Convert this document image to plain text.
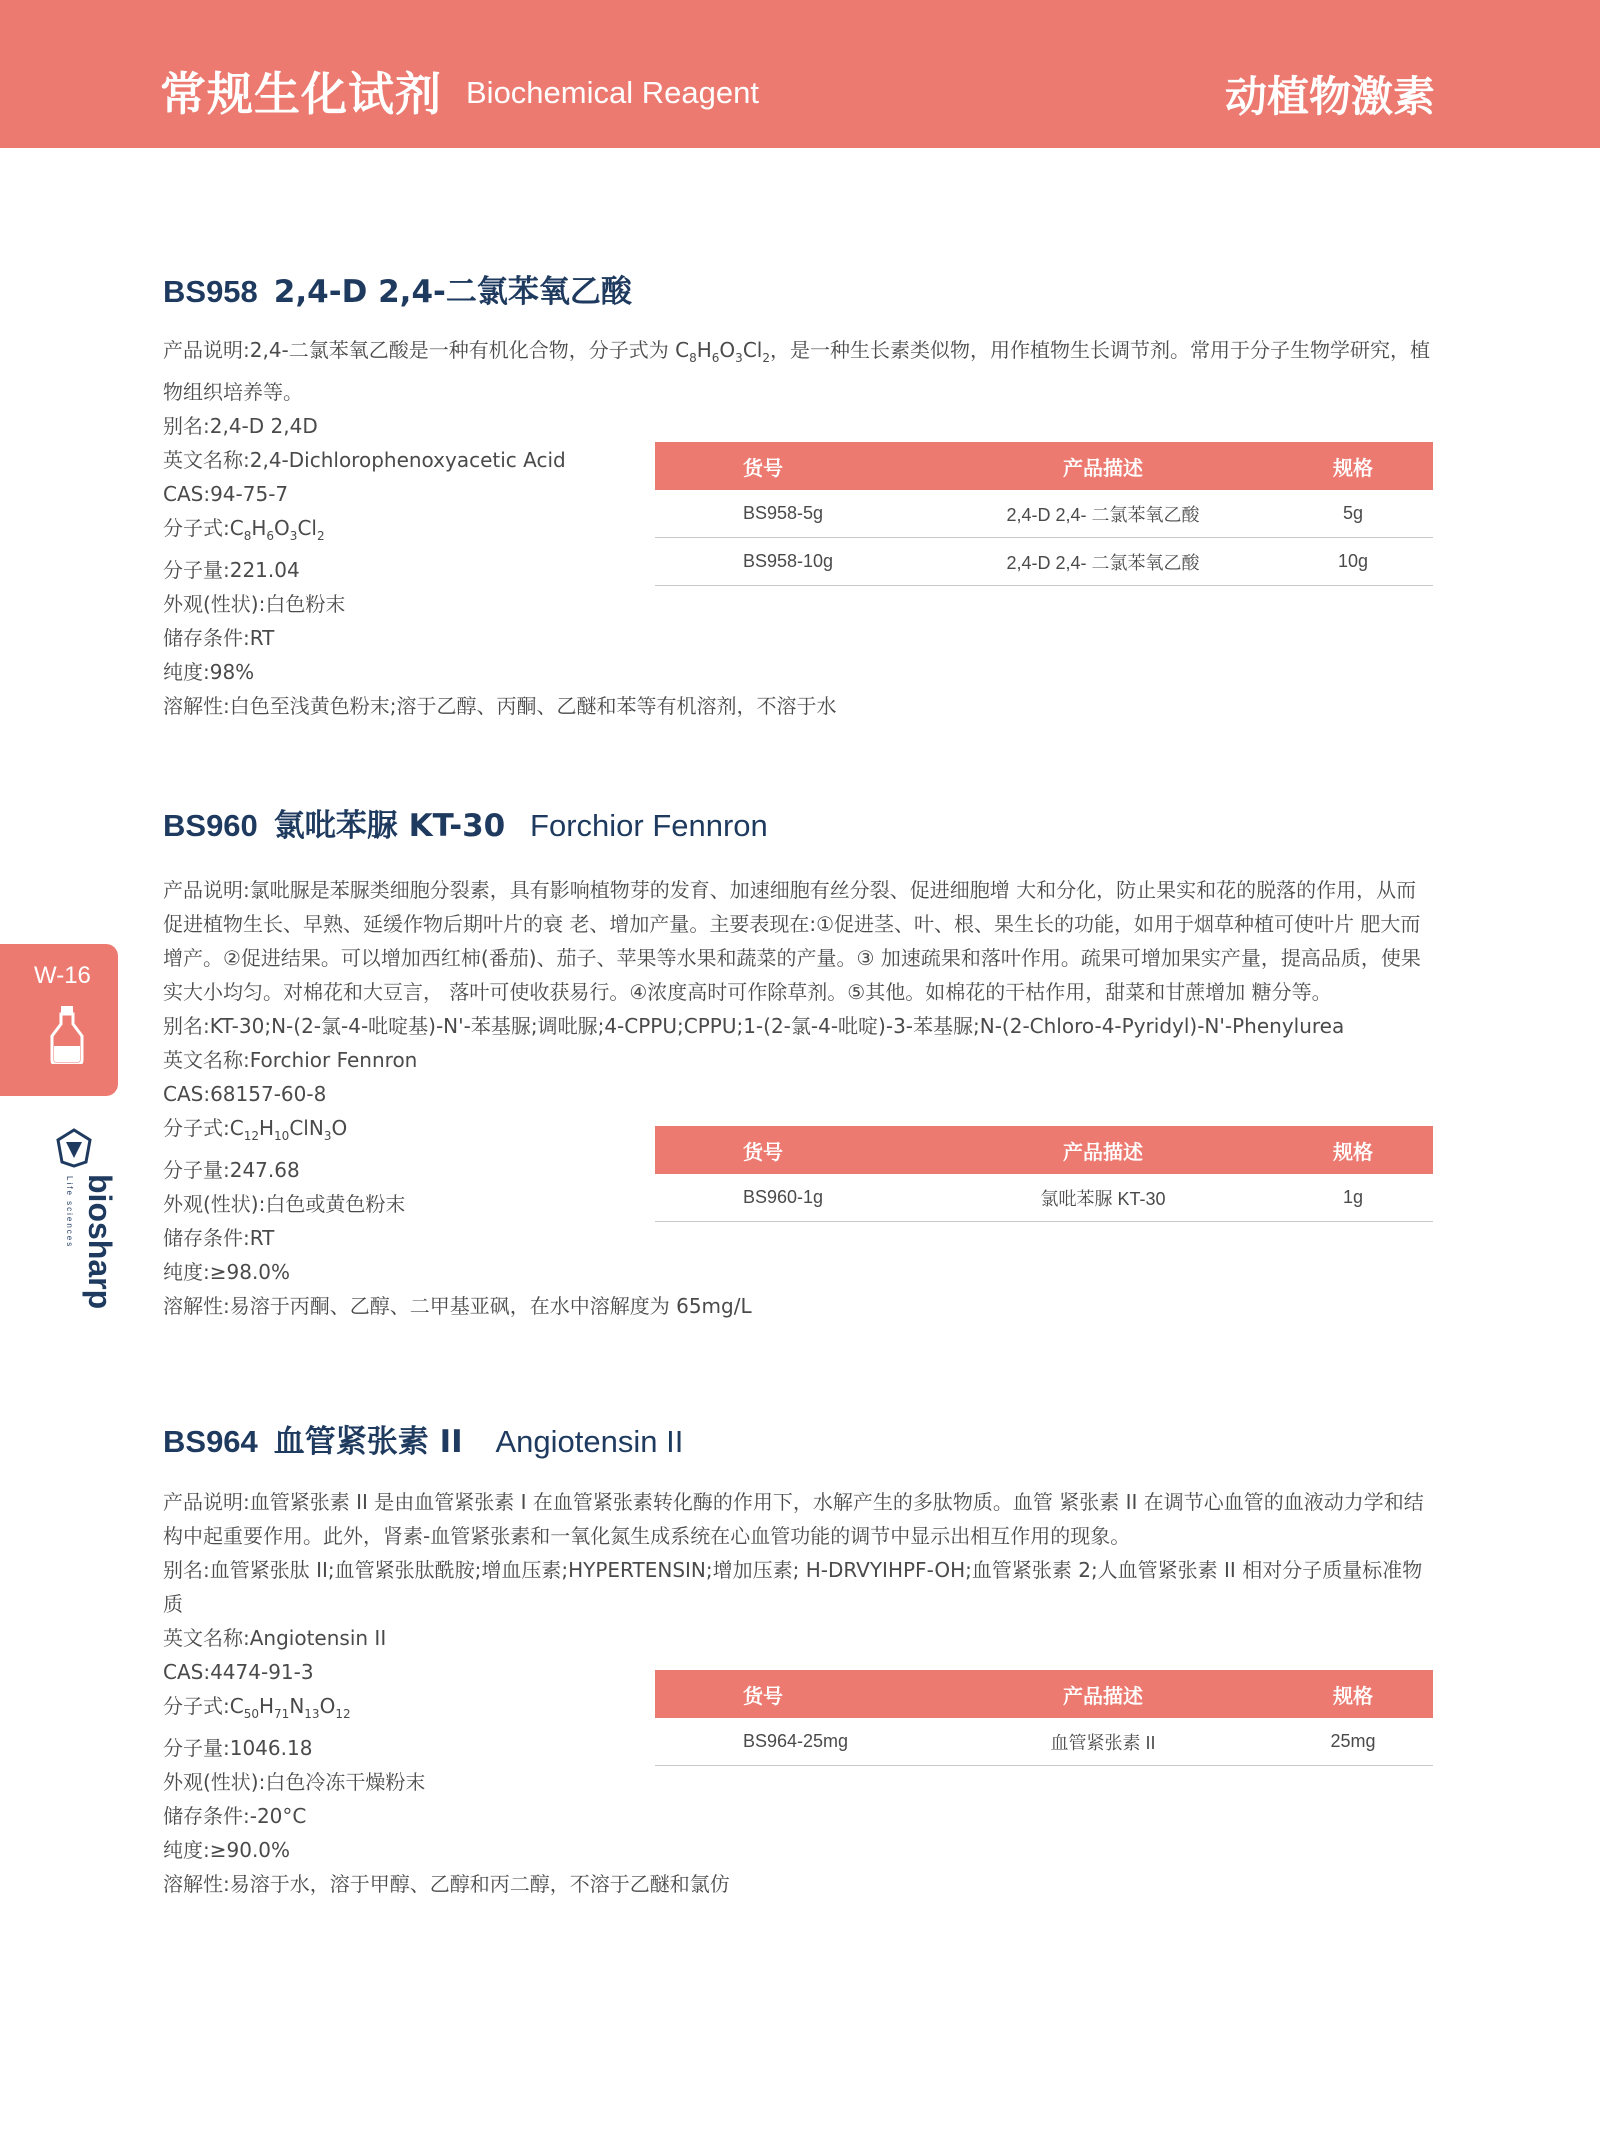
常规生化试剂 Biochemical Reagent	动植物激素
W-16
biosharp
Life sciences
BS958 2,4-D 2,4-二氯苯氧乙酸
产品说明:2,4-二氯苯氧乙酸是一种有机化合物，分子式为 $C_8H_6O_3Cl_2$，是一种生长素类似物，用作植物生长调节剂。常用于分子生物学研究，植物组织培养等。
别名:2,4-D 2,4D
英文名称:2,4-Dichlorophenoxyacetic Acid
CAS:94-75-7
分子式$:C_8H_6O_3Cl_2$
分子量:221.04
外观(性状):白色粉末
储存条件:RT
纯度:98%
溶解性:白色至浅黄色粉末;溶于乙醇、丙酮、乙醚和苯等有机溶剂，不溶于水
货号	产品描述	规格
BS958-5g	2,4-D 2,4- 二氯苯氧乙酸	5g
BS958-10g	2,4-D 2,4- 二氯苯氧乙酸	10g
BS960 氯吡苯脲 KT-30 Forchior Fennron
产品说明:氯吡脲是苯脲类细胞分裂素，具有影响植物芽的发育、加速细胞有丝分裂、促进细胞增 大和分化，防止果实和花的脱落的作用，从而促进植物生长、早熟、延缓作物后期叶片的衰 老、增加产量。主要表现在:①促进茎、叶、根、果生长的功能，如用于烟草种植可使叶片 肥大而增产。②促进结果。可以增加西红柿(番茄)、茄子、苹果等水果和蔬菜的产量。③ 加速疏果和落叶作用。疏果可增加果实产量，提高品质，使果实大小均匀。对棉花和大豆言， 落叶可使收获易行。④浓度高时可作除草剂。⑤其他。如棉花的干枯作用，甜菜和甘蔗增加 糖分等。
别名:KT-30;N-(2-氯-4-吡啶基)-N'-苯基脲;调吡脲;4-CPPU;CPPU;1-(2-氯-4-吡啶)-3-苯基脲;N-(2-Chloro-4-Pyridyl)-N'-Phenylurea
英文名称:Forchior Fennron
CAS:68157-60-8
分子式$:C_{12}H_{10}ClN_3O$
分子量:247.68
外观(性状):白色或黄色粉末
储存条件:RT
纯度:≥98.0%
溶解性:易溶于丙酮、乙醇、二甲基亚砜，在水中溶解度为 65mg/L
货号	产品描述	规格
BS960-1g	氯吡苯脲 KT-30	1g
BS964 血管紧张素 II Angiotensin II
产品说明:血管紧张素 II 是由血管紧张素 I 在血管紧张素转化酶的作用下，水解产生的多肽物质。血管 紧张素 II 在调节心血管的血液动力学和结构中起重要作用。此外，肾素-血管紧张素和一氧化氮生成系统在心血管功能的调节中显示出相互作用的现象。
别名:血管紧张肽 II;血管紧张肽酰胺;增血压素;HYPERTENSIN;增加压素; H-DRVYIHPF-OH;血管紧张素 2;人血管紧张素 II 相对分子质量标准物质
英文名称:Angiotensin II
CAS:4474-91-3
分子式$:C_{50}H_{71}N_{13}O_{12}$
分子量:1046.18
外观(性状):白色冷冻干燥粉末
储存条件:-20°C
纯度:≥90.0%
溶解性:易溶于水，溶于甲醇、乙醇和丙二醇，不溶于乙醚和氯仿
货号	产品描述	规格
BS964-25mg	血管紧张素 II	25mg
